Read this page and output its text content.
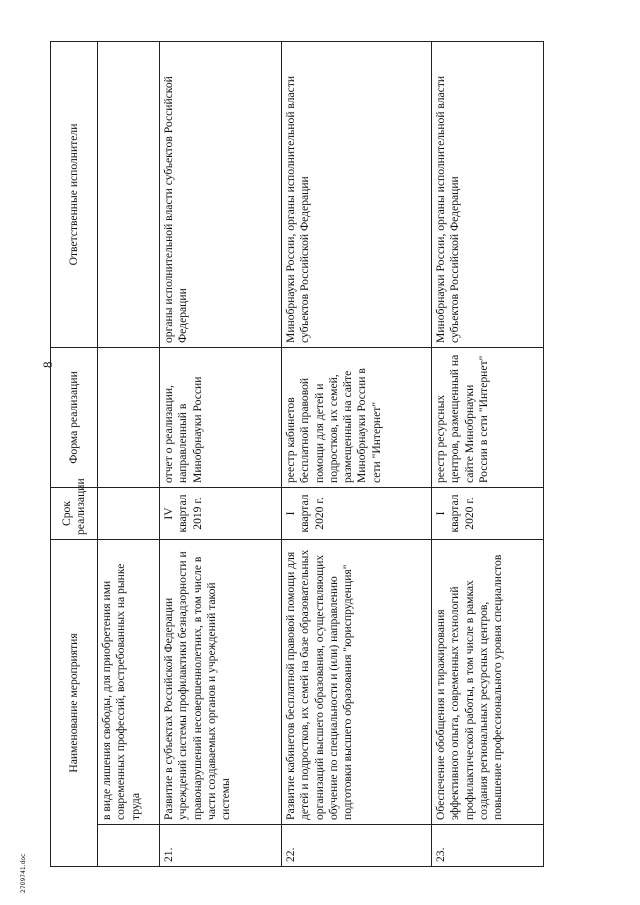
8
Наименование мероприятия		Срок реализации	Форма реализации	Ответственные исполнители
	в виде лишения свободы, для приобретения ими современных профессий, востребованных на рынке труда			
21.	Развитие в субъектах Российской Федерации учреждений системы профилактики безнадзорности и правонарушений несовершеннолетних, в том числе в части создаваемых органов и учреждений такой системы	IV квартал 2019 г.	отчет о реализации, направленный в Минобрнауки России	органы исполнительной власти субъектов Российской Федерации
22.	Развитие кабинетов бесплатной правовой помощи для детей и подростков, их семей на базе образовательных организаций высшего образования, осуществляющих обучение по специальности и (или) направлению подготовки высшего образования "юриспруденция"	I квартал 2020 г.	реестр кабинетов бесплатной правовой помощи для детей и подростков, их семей, размещенный на сайте Минобрнауки России в сети "Интернет"	Минобрнауки России, органы исполнительной власти субъектов Российской Федерации
23.	Обеспечение обобщения и тиражирования эффективного опыта, современных технологий профилактической работы, в том числе в рамках создания региональных ресурсных центров, повышение профессионального уровня специалистов	I квартал 2020 г.	реестр ресурсных центров, размещенный на сайте Минобрнауки России в сети "Интернет"	Минобрнауки России, органы исполнительной власти субъектов Российской Федерации
2709741.doc
